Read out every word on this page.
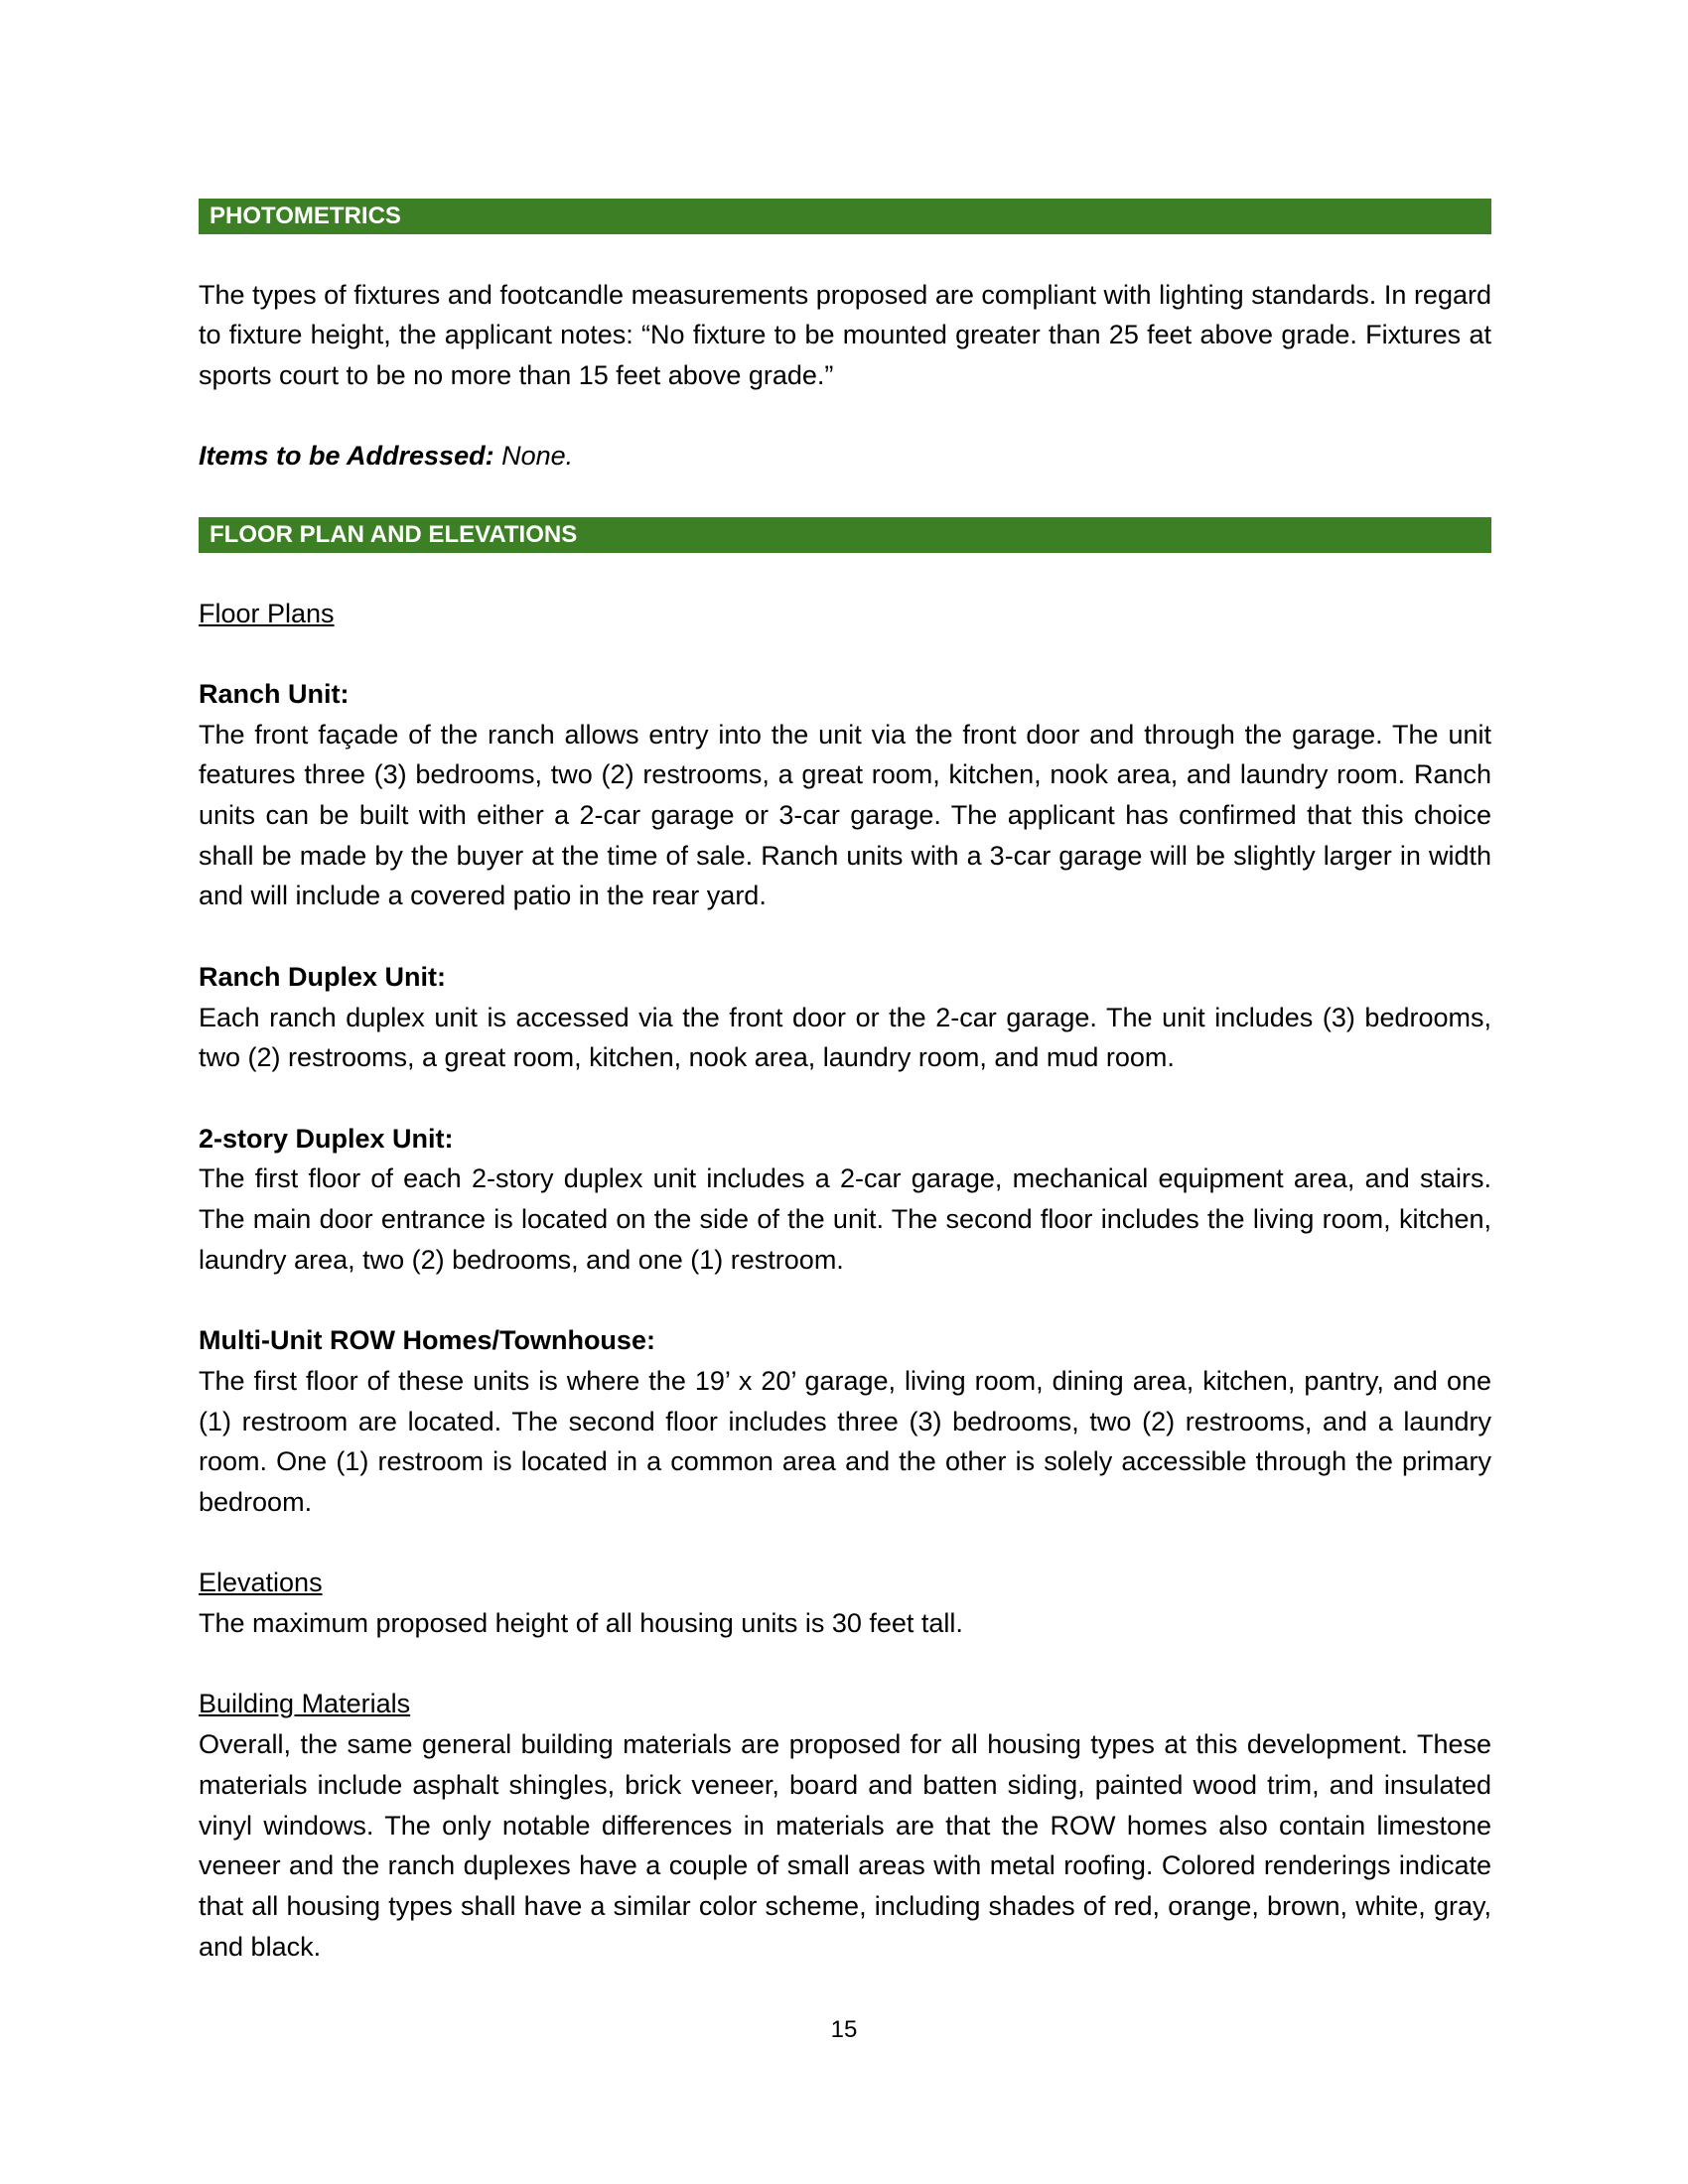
PHOTOMETRICS

The types of fixtures and footcandle measurements proposed are compliant with lighting standards. In regard to fixture height, the applicant notes: “No fixture to be mounted greater than 25 feet above grade. Fixtures at sports court to be no more than 15 feet above grade.”

Items to be Addressed: None.

FLOOR PLAN AND ELEVATIONS

Floor Plans

Ranch Unit:

The front façade of the ranch allows entry into the unit via the front door and through the garage. The unit features three (3) bedrooms, two (2) restrooms, a great room, kitchen, nook area, and laundry room. Ranch units can be built with either a 2-car garage or 3-car garage. The applicant has confirmed that this choice shall be made by the buyer at the time of sale. Ranch units with a 3-car garage will be slightly larger in width and will include a covered patio in the rear yard.

Ranch Duplex Unit:

Each ranch duplex unit is accessed via the front door or the 2-car garage. The unit includes (3) bedrooms, two (2) restrooms, a great room, kitchen, nook area, laundry room, and mud room.

2-story Duplex Unit:

The first floor of each 2-story duplex unit includes a 2-car garage, mechanical equipment area, and stairs. The main door entrance is located on the side of the unit. The second floor includes the living room, kitchen, laundry area, two (2) bedrooms, and one (1) restroom.

Multi-Unit ROW Homes/Townhouse:

The first floor of these units is where the 19’ x 20’ garage, living room, dining area, kitchen, pantry, and one (1) restroom are located. The second floor includes three (3) bedrooms, two (2) restrooms, and a laundry room. One (1) restroom is located in a common area and the other is solely accessible through the primary bedroom.

Elevations

The maximum proposed height of all housing units is 30 feet tall.

Building Materials

Overall, the same general building materials are proposed for all housing types at this development. These materials include asphalt shingles, brick veneer, board and batten siding, painted wood trim, and insulated vinyl windows. The only notable differences in materials are that the ROW homes also contain limestone veneer and the ranch duplexes have a couple of small areas with metal roofing. Colored renderings indicate that all housing types shall have a similar color scheme, including shades of red, orange, brown, white, gray, and black.

15
